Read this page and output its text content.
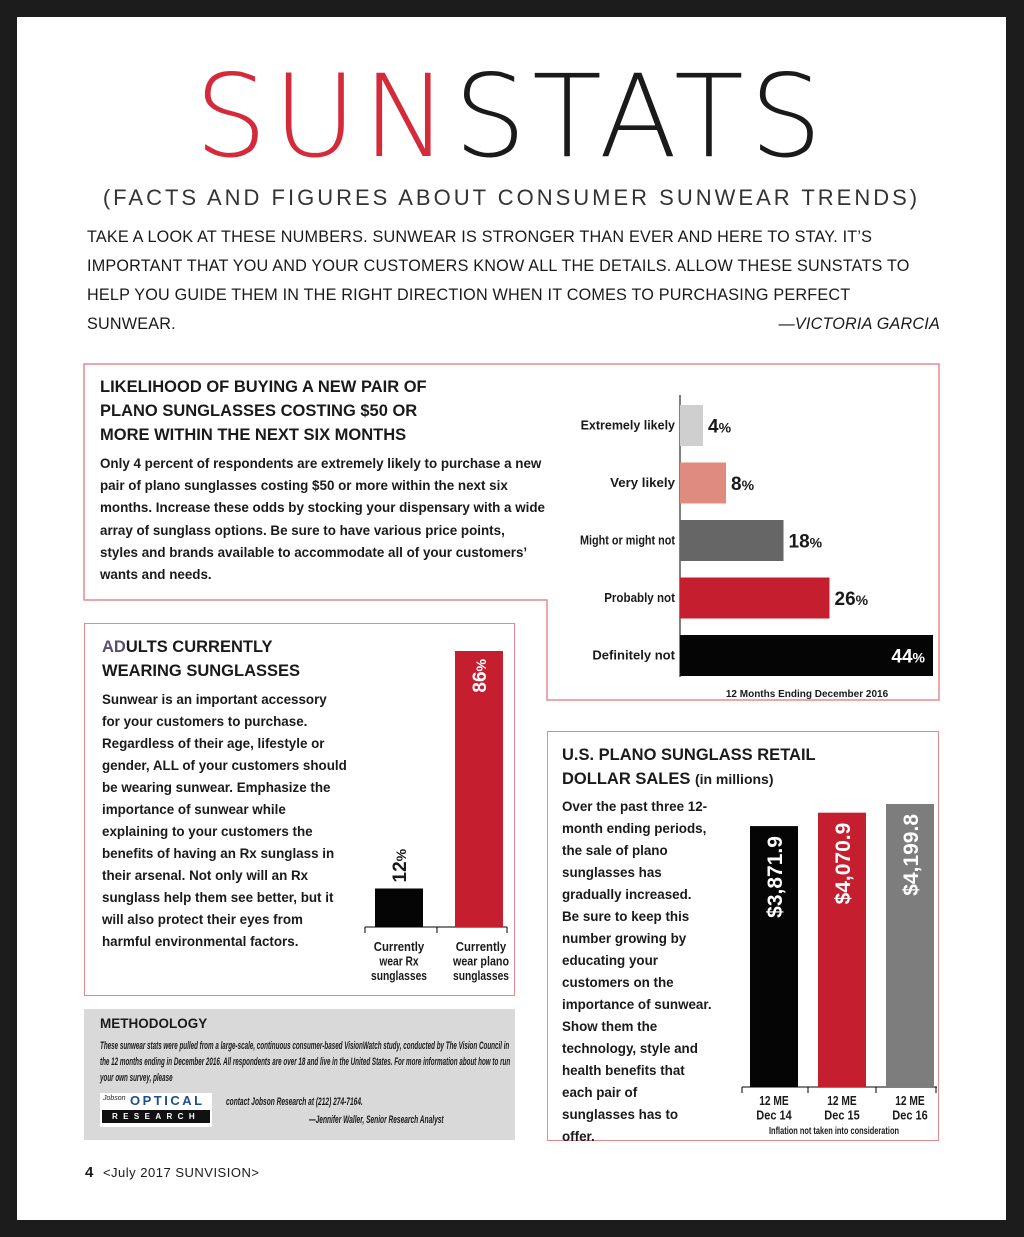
SUNSTATS
(FACTS AND FIGURES ABOUT CONSUMER SUNWEAR TRENDS)
TAKE A LOOK AT THESE NUMBERS. SUNWEAR IS STRONGER THAN EVER AND HERE TO STAY. IT’S IMPORTANT THAT YOU AND YOUR CUSTOMERS KNOW ALL THE DETAILS. ALLOW THESE SUNSTATS TO HELP YOU GUIDE THEM IN THE RIGHT DIRECTION WHEN IT COMES TO PURCHASING PERFECT SUNWEAR.	—VICTORIA GARCIA
LIKELIHOOD OF BUYING A NEW PAIR OF
PLANO SUNGLASSES COSTING $50 OR
MORE WITHIN THE NEXT SIX MONTHS
Only 4 percent of respondents are extremely likely to purchase a new pair of plano sunglasses costing $50 or more within the next six months. Increase these odds by stocking your dispensary with a wide array of sunglass options. Be sure to have various price points, styles and brands available to accommodate all of your customers’ wants and needs.
Extremely likely 4%
Very likely	8%
Might or might not	18%
Probably not	26%
Definitely not	44%
12 Months Ending December 2016
ADULTS CURRENTLY
WEARING SUNGLASSES
Sunwear is an important accessory for your customers to purchase. Regardless of their age, lifestyle or gender, ALL of your customers should be wearing sunwear. Emphasize the importance of sunwear while explaining to your customers the benefits of having an Rx sunglass in their arsenal. Not only will an Rx sunglass help them see better, but it will also protect their eyes from harmful environmental factors.
12%
Currently
wear Rx
sunglasses
86%
Currently
wear plano
sunglasses
METHODOLOGY
These sunwear stats were pulled from a large-scale, continuous consumer-based VisionWatch study, conducted by The Vision Council in the 12 months ending in December 2016. All respondents are over 18 and live in the United States. For more information about how to run your own survey, please
Jobson OPTICAL
RESEARCH
contact Jobson Research at (212) 274-7164.
—Jennifer Waller, Senior Research Analyst
U.S. PLANO SUNGLASS RETAIL
DOLLAR SALES (in millions)
Over the past three 12-month ending periods, the sale of plano sunglasses has gradually increased. Be sure to keep this number growing by educating your customers on the importance of sunwear. Show them the technology, style and health benefits that each pair of sunglasses has to offer.
$3,871.9
12 ME
Dec 14
$4,070.9
12 ME
Dec 15
$4,199.8
12 ME
Dec 16
Inflation not taken into consideration
4 <July 2017 SUNVISION>
